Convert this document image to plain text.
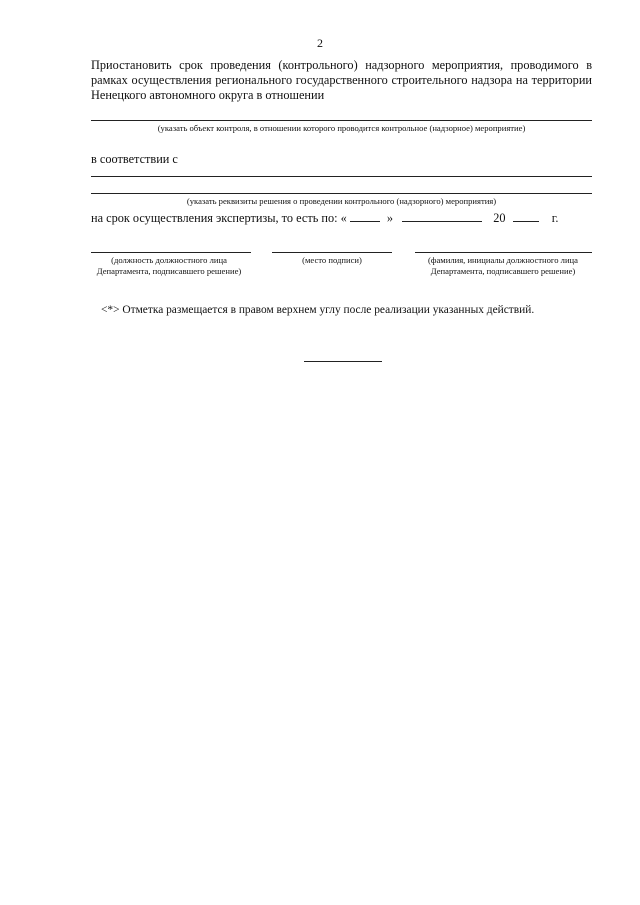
2
Приостановить срок проведения (контрольного) надзорного мероприятия, проводимого в рамках осуществления регионального государственного строительного надзора на территории Ненецкого автономного округа в отношении
(указать объект контроля, в отношении которого проводится контрольное (надзорное) мероприятие)
в соответствии с
(указать реквизиты решения о проведении контрольного (надзорного) мероприятия)
на срок осуществления экспертизы, то есть по: «	»	20	г.
(должность должностного лица Департамента, подписавшего решение)
(место подписи)	(фамилия, инициалы должностного лица Департамента, подписавшего решение)
<*> Отметка размещается в правом верхнем углу после реализации указанных действий.
